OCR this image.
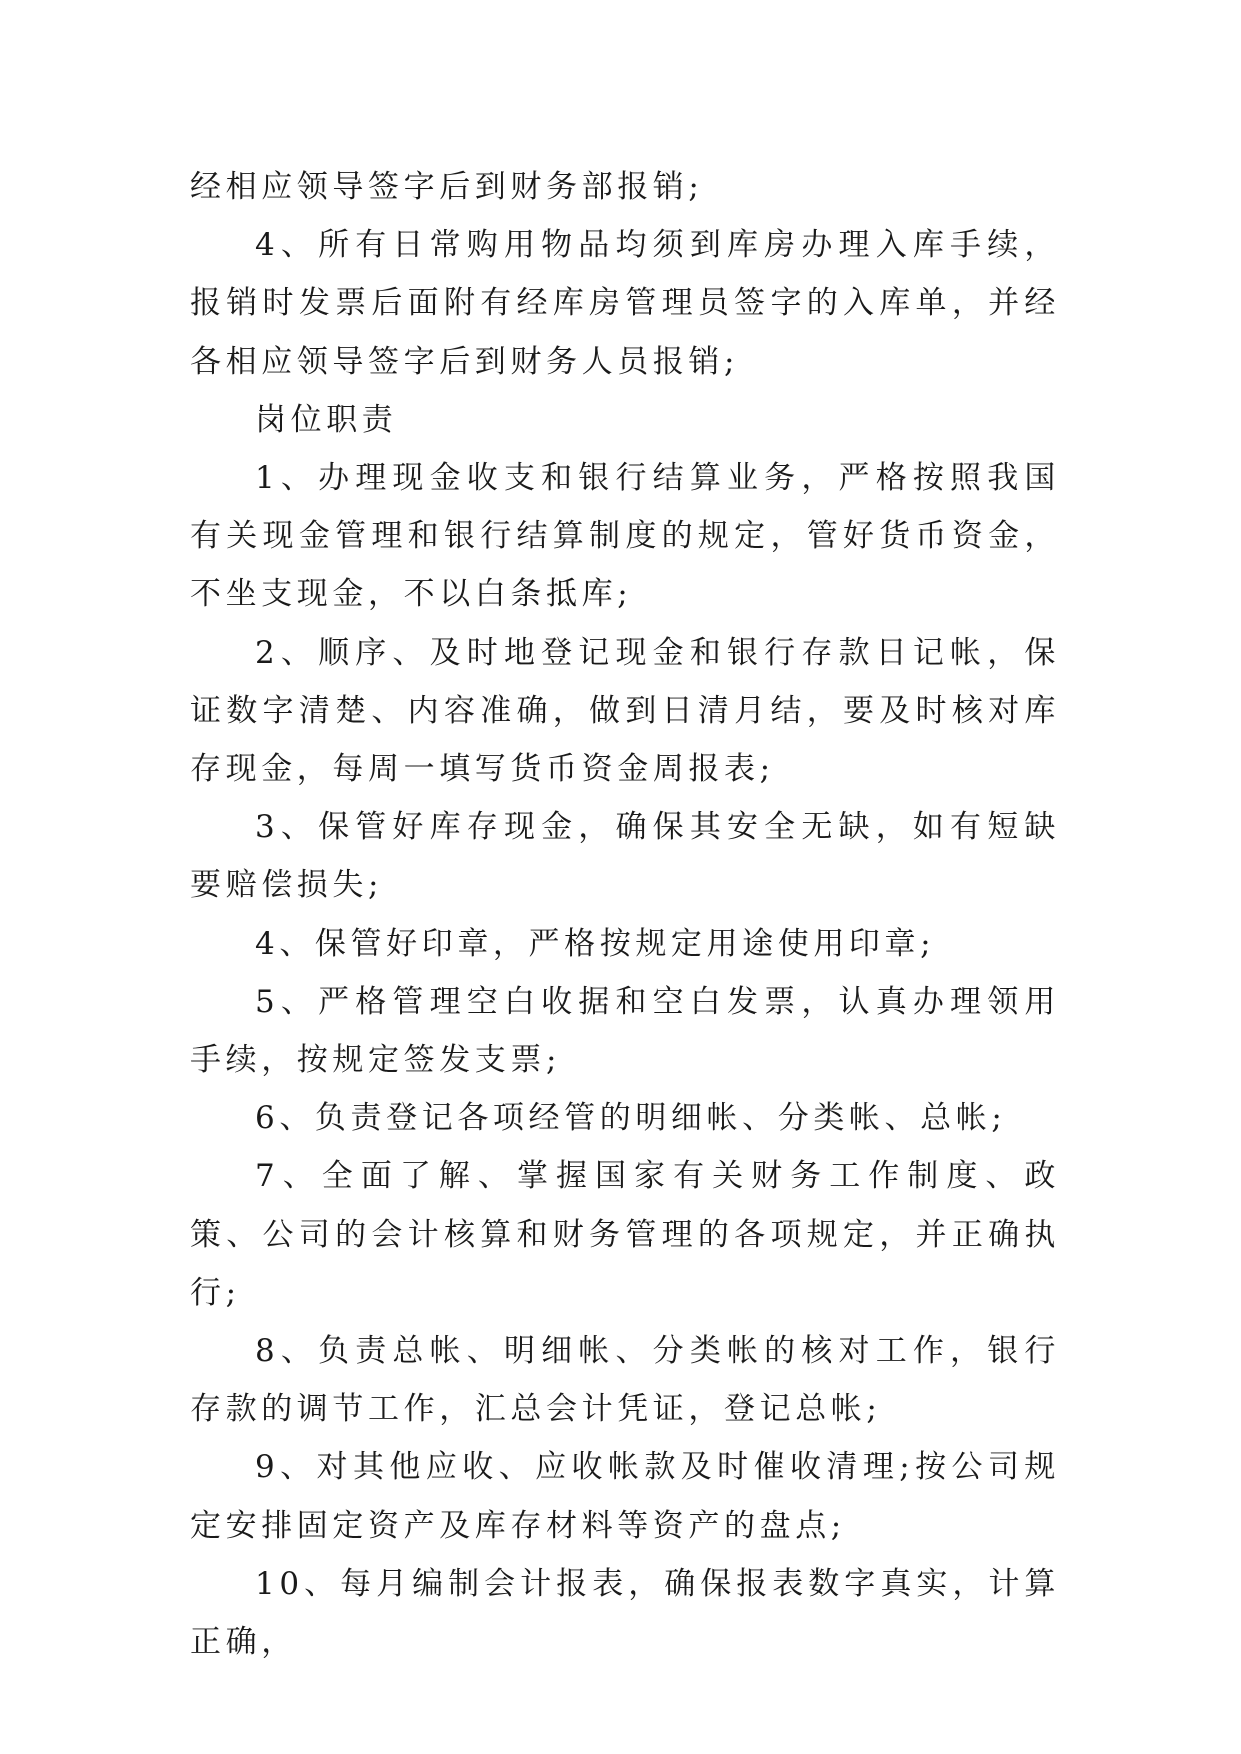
经相应领导签字后到财务部报销;

4、所有日常购用物品均须到库房办理入库手续，报销时发票后面附有经库房管理员签字的入库单，并经各相应领导签字后到财务人员报销;

岗位职责

1、办理现金收支和银行结算业务，严格按照我国有关现金管理和银行结算制度的规定，管好货币资金，不坐支现金，不以白条抵库;

2、顺序、及时地登记现金和银行存款日记帐，保证数字清楚、内容准确，做到日清月结，要及时核对库存现金，每周一填写货币资金周报表;

3、保管好库存现金，确保其安全无缺，如有短缺要赔偿损失;

4、保管好印章，严格按规定用途使用印章;

5、严格管理空白收据和空白发票，认真办理领用手续，按规定签发支票;

6、负责登记各项经管的明细帐、分类帐、总帐;

7、全面了解、掌握国家有关财务工作制度、政策、公司的会计核算和财务管理的各项规定，并正确执行;

8、负责总帐、明细帐、分类帐的核对工作，银行存款的调节工作，汇总会计凭证，登记总帐;

9、对其他应收、应收帐款及时催收清理;按公司规定安排固定资产及库存材料等资产的盘点;

10、每月编制会计报表，确保报表数字真实，计算正确，
